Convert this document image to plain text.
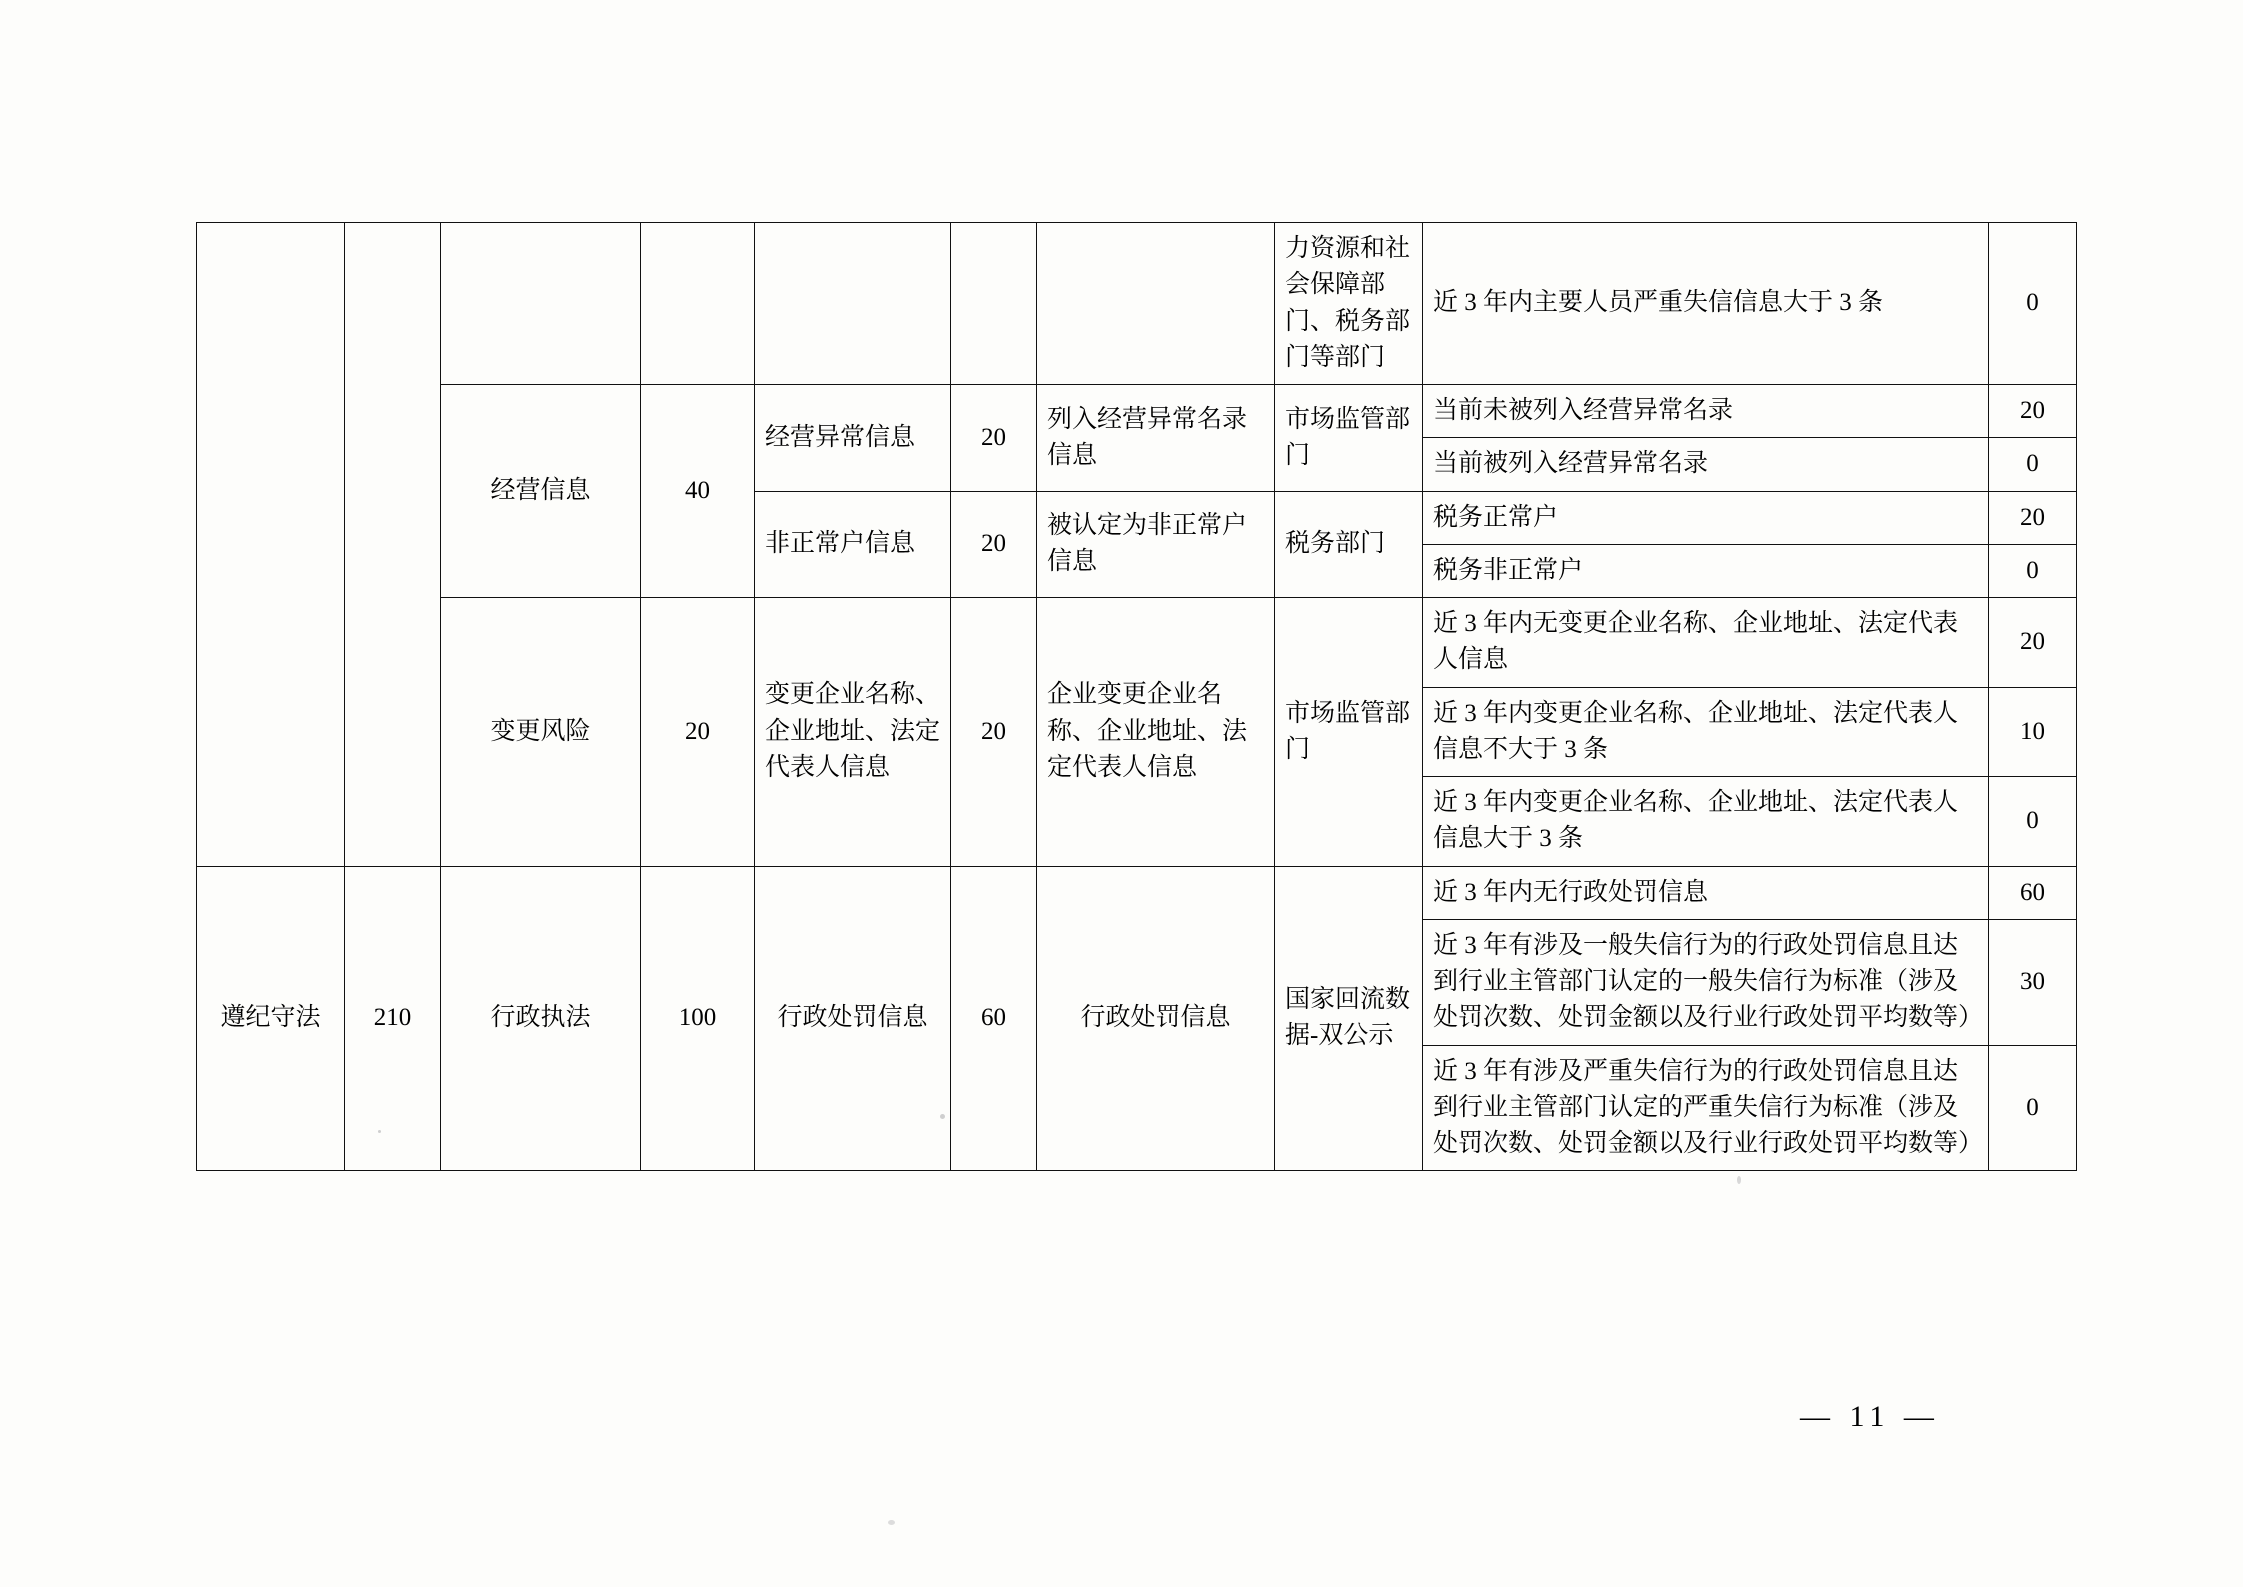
							力资源和社会保障部门、税务部门等部门	近 3 年内主要人员严重失信信息大于 3 条	0
		经营信息	40	经营异常信息	20	列入经营异常名录信息	市场监管部门	当前未被列入经营异常名录	20
								当前被列入经营异常名录	0
				非正常户信息	20	被认定为非正常户信息	税务部门	税务正常户	20
								税务非正常户	0
		变更风险	20	变更企业名称、企业地址、法定代表人信息	20	企业变更企业名称、企业地址、法定代表人信息	市场监管部门	近 3 年内无变更企业名称、企业地址、法定代表人信息	20
								近 3 年内变更企业名称、企业地址、法定代表人信息不大于 3 条	10
								近 3 年内变更企业名称、企业地址、法定代表人信息大于 3 条	0
遵纪守法	210	行政执法	100	行政处罚信息	60	行政处罚信息	国家回流数据-双公示	近 3 年内无行政处罚信息	60
								近 3 年有涉及一般失信行为的行政处罚信息且达到行业主管部门认定的一般失信行为标准（涉及处罚次数、处罚金额以及行业行政处罚平均数等）	30
								近 3 年有涉及严重失信行为的行政处罚信息且达到行业主管部门认定的严重失信行为标准（涉及处罚次数、处罚金额以及行业行政处罚平均数等）	0
— 11 —
